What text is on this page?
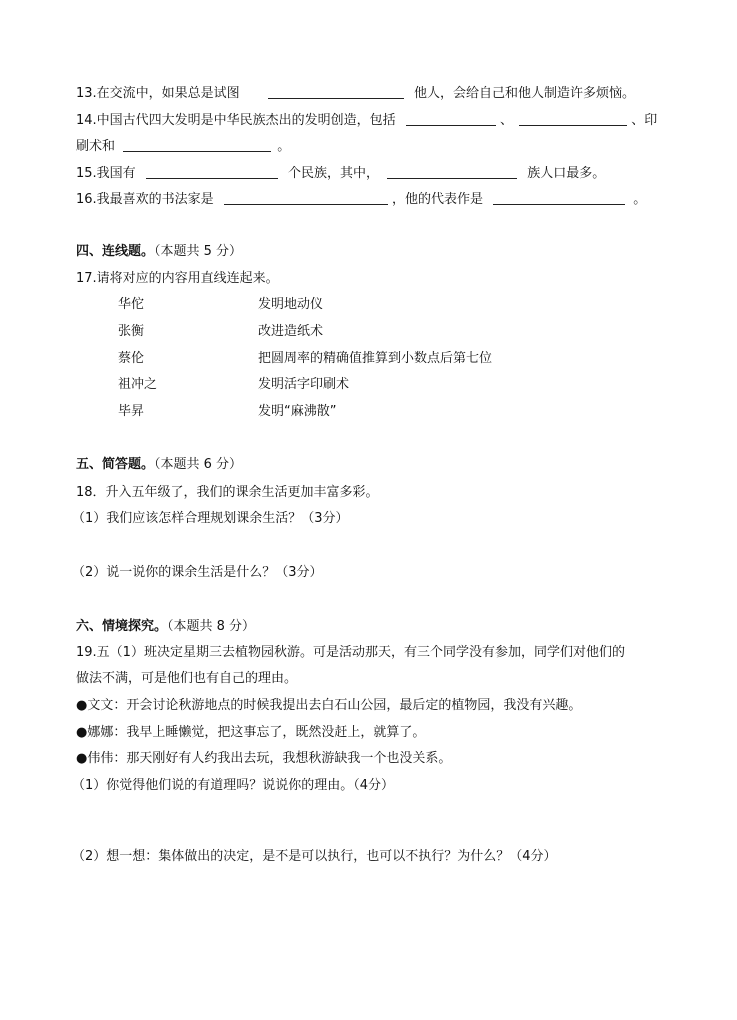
13.在交流中，如果总是试图	他人，会给自己和他人制造许多烦恼。
14.中国古代四大发明是中华民族杰出的发明创造，包括	、	、印
刷术和	。
15.我国有	个民族，其中，	族人口最多。
16.我最喜欢的书法家是	，他的代表作是	。
四、连线题。（本题共 5 分）
17.请将对应的内容用直线连起来。
华佗	发明地动仪
张衡	改进造纸术
蔡伦	把圆周率的精确值推算到小数点后第七位
祖冲之	发明活字印刷术
毕昇	发明“麻沸散”
五、简答题。（本题共 6 分）
18．升入五年级了，我们的课余生活更加丰富多彩。
（1）我们应该怎样合理规划课余生活？（3分）
（2）说一说你的课余生活是什么？（3分）
六、情境探究。（本题共 8 分）
19.五（1）班决定星期三去植物园秋游。可是活动那天，有三个同学没有参加，同学们对他们的
做法不满，可是他们也有自己的理由。
●文文：开会讨论秋游地点的时候我提出去白石山公园，最后定的植物园，我没有兴趣。
●娜娜：我早上睡懒觉，把这事忘了，既然没赶上，就算了。
●伟伟：那天刚好有人约我出去玩，我想秋游缺我一个也没关系。
（1）你觉得他们说的有道理吗？说说你的理由。（4分）
（2）想一想：集体做出的决定，是不是可以执行，也可以不执行？为什么？（4分）
